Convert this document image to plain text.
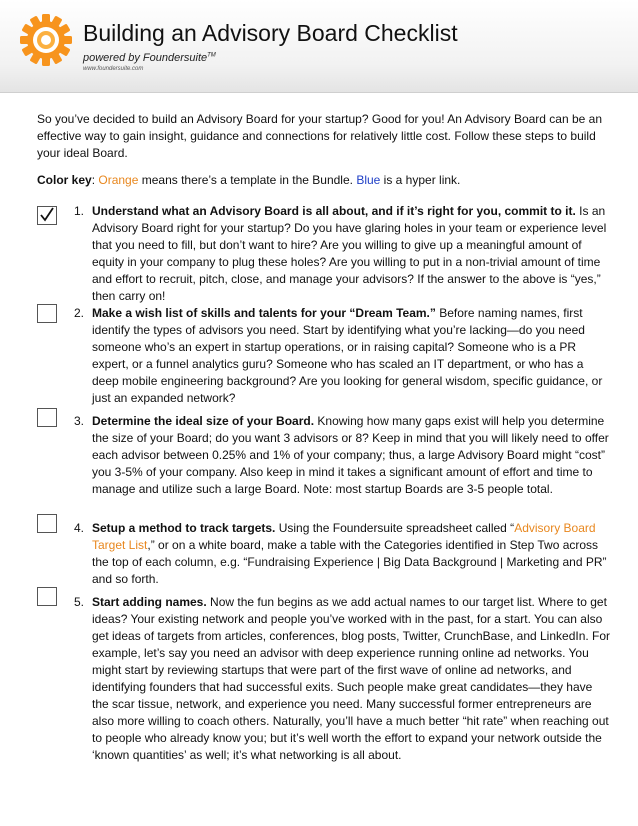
Building an Advisory Board Checklist
powered by Foundersuite™
www.foundersuite.com

So you’ve decided to build an Advisory Board for your startup? Good for you! An Advisory Board can be an effective way to gain insight, guidance and connections for relatively little cost. Follow these steps to build your ideal Board.

Color key: Orange means there’s a template in the Bundle. Blue is a hyper link.

1. Understand what an Advisory Board is all about, and if it’s right for you, commit to it. Is an Advisory Board right for your startup? Do you have glaring holes in your team or experience level that you need to fill, but don’t want to hire? Are you willing to give up a meaningful amount of equity in your company to plug these holes? Are you willing to put in a non-trivial amount of time and effort to recruit, pitch, close, and manage your advisors? If the answer to the above is “yes,” then carry on!

2. Make a wish list of skills and talents for your “Dream Team.” Before naming names, first identify the types of advisors you need. Start by identifying what you’re lacking—do you need someone who’s an expert in startup operations, or in raising capital? Someone who is a PR expert, or a funnel analytics guru? Someone who has scaled an IT department, or who has a deep mobile engineering background? Are you looking for general wisdom, specific guidance, or just an expanded network?

3. Determine the ideal size of your Board. Knowing how many gaps exist will help you determine the size of your Board; do you want 3 advisors or 8? Keep in mind that you will likely need to offer each advisor between 0.25% and 1% of your company; thus, a large Advisory Board might “cost” you 3-5% of your company. Also keep in mind it takes a significant amount of effort and time to manage and utilize such a large Board. Note: most startup Boards are 3-5 people total.

4. Setup a method to track targets. Using the Foundersuite spreadsheet called “Advisory Board Target List,” or on a white board, make a table with the Categories identified in Step Two across the top of each column, e.g. “Fundraising Experience | Big Data Background | Marketing and PR” and so forth.

5. Start adding names. Now the fun begins as we add actual names to our target list. Where to get ideas? Your existing network and people you’ve worked with in the past, for a start. You can also get ideas of targets from articles, conferences, blog posts, Twitter, CrunchBase, and LinkedIn. For example, let’s say you need an advisor with deep experience running online ad networks. You might start by reviewing startups that were part of the first wave of online ad networks, and identifying founders that had successful exits. Such people make great candidates—they have the scar tissue, network, and experience you need. Many successful former entrepreneurs are also more willing to coach others. Naturally, you’ll have a much better “hit rate” when reaching out to people who already know you; but it’s well worth the effort to expand your network outside the ‘known quantities’ as well; it’s what networking is all about.
